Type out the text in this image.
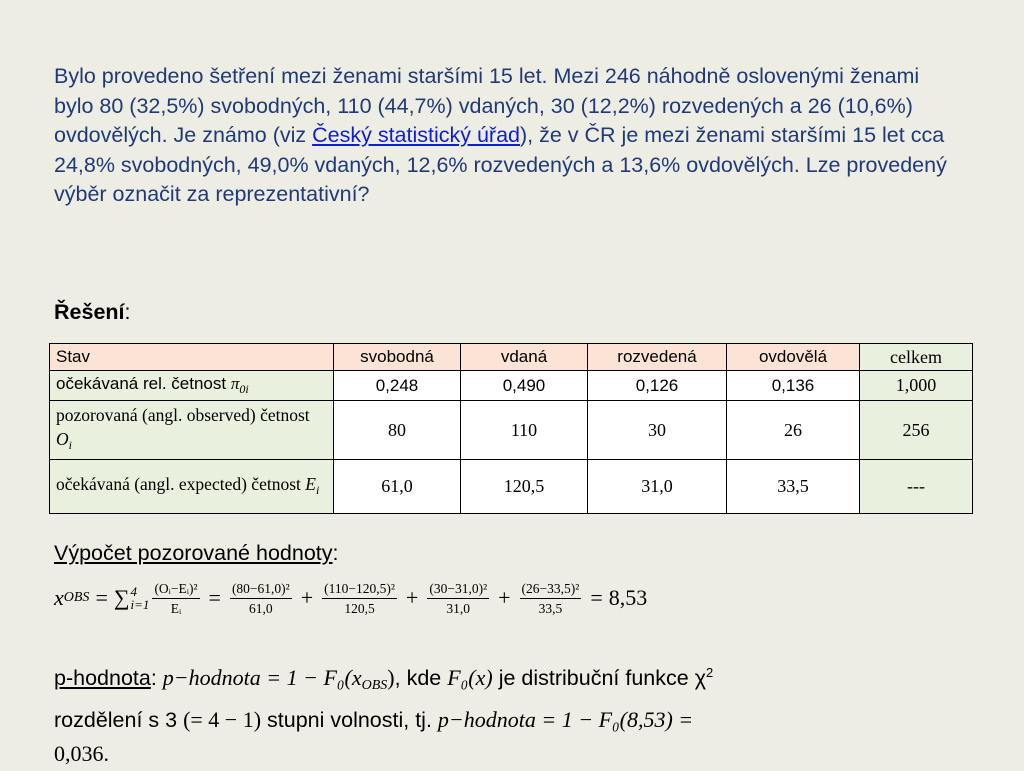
Bylo provedeno šetření mezi ženami staršími 15 let. Mezi 246 náhodně oslovenými ženami bylo 80 (32,5%) svobodných, 110 (44,7%) vdaných, 30 (12,2%) rozvedených a 26 (10,6%) ovdovělých. Je známo (viz Český statistický úřad), že v ČR je mezi ženami staršími 15 let cca 24,8% svobodných, 49,0% vdaných, 12,6% rozvedených a 13,6% ovdovělých. Lze provedený výběr označit za reprezentativní?
Řešení:
Stav	svobodná	vdaná	rozvedená	ovdovělá	celkem
očekávaná rel. četnost $\pi_{0i}$	0,248	0,490	0,126	0,136	1,000
pozorovaná (angl. observed) četnost $O_i$	80	110	30	26	256
očekávaná (angl. expected) četnost $E_i$	61,0	120,5	31,0	33,5	---
Výpočet pozorované hodnoty:
x OBS = ∑ 4
$i=1 \frac{\text{(Oᵢ−Eᵢ)²}}{\text{Eᵢ}} = \frac{\text{(80−61,0)²}}{61,0} + \frac{\text{(110−120,5)²}}{120,5} + \frac{\text{(30−31,0)²}}{31,0} + \frac{\text{(26−33,5)²}}{33,5} = 8,53$
p-hodnota: p−hodnota = 1 − F₀(xOBS), kde F₀(x) je distribuční funkce $\chi^2$
rozdělení s 3 (= 4 − 1) stupni volnosti, tj. p−hodnota = 1 − F₀(8,53) =
0,036.
